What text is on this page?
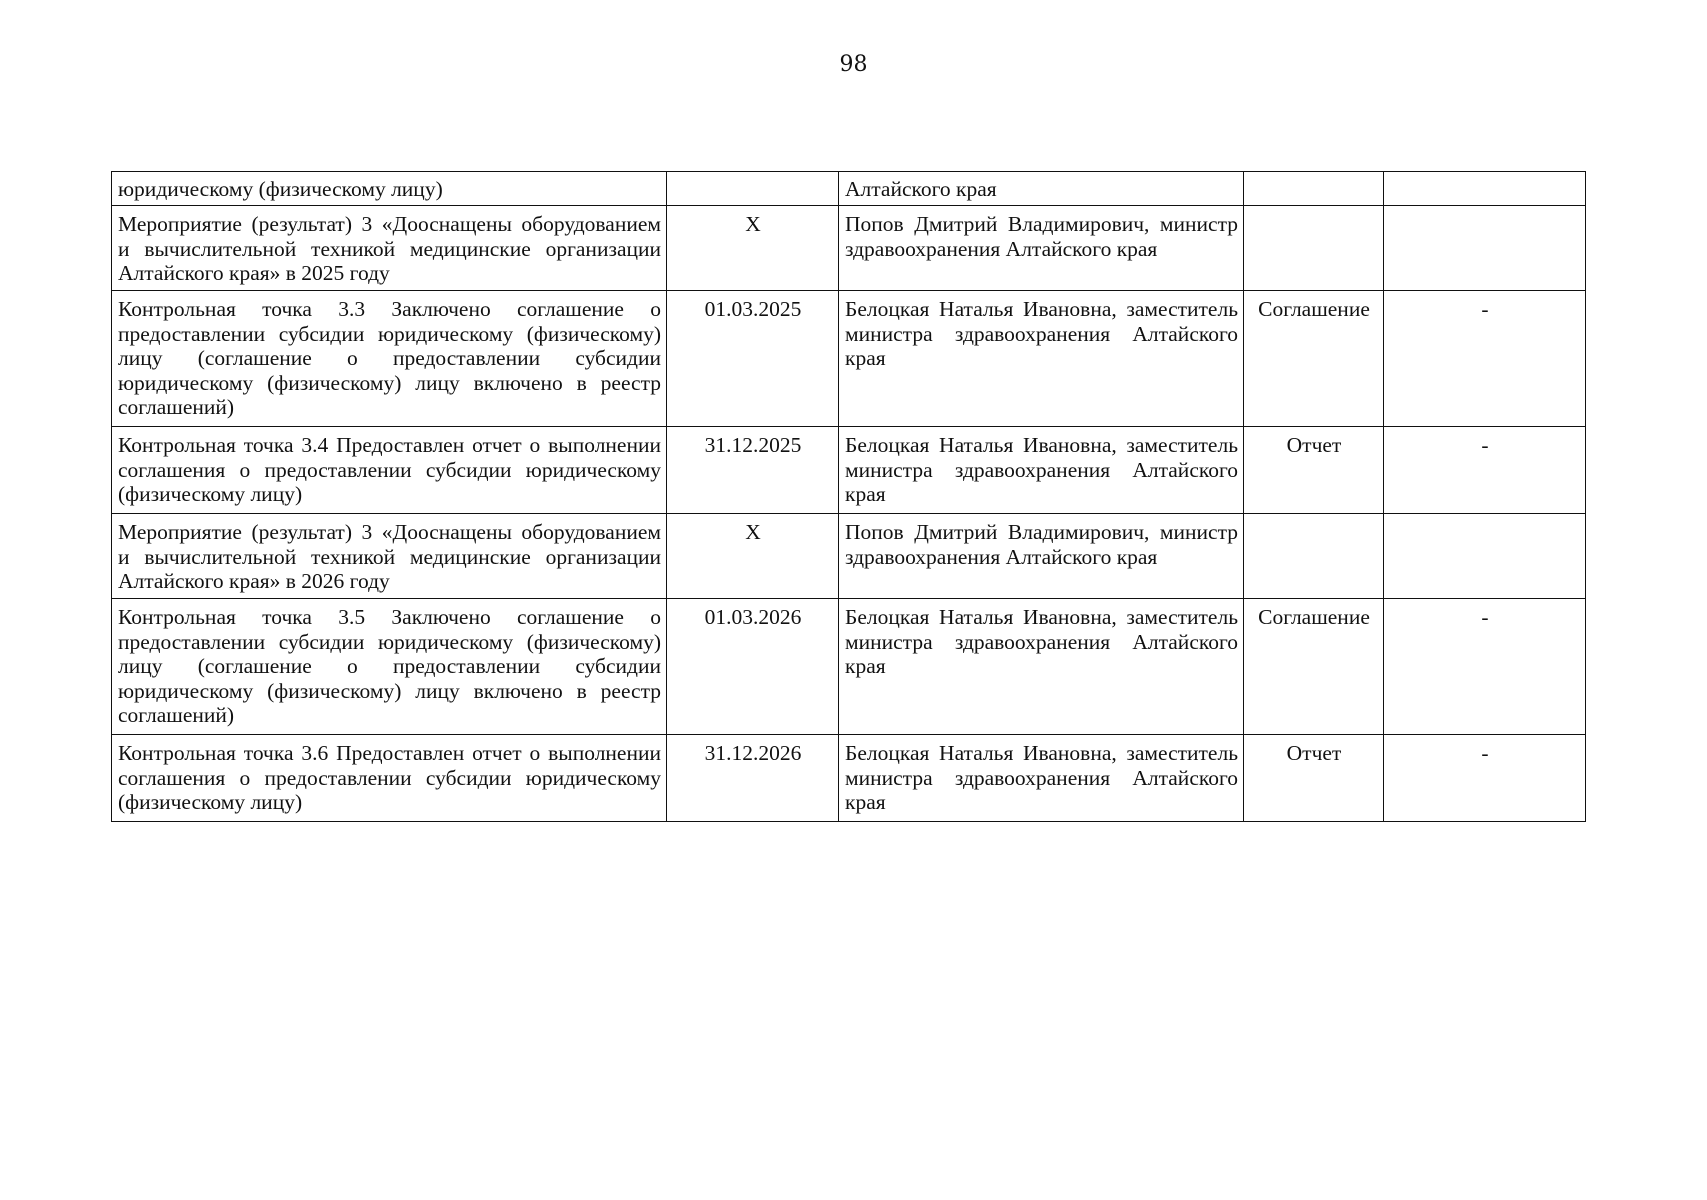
98
юридическому (физическому лицу)		Алтайского края		
Мероприятие (результат) 3 «Дооснащены оборудованием и вычислительной техникой медицинские организации Алтайского края» в 2025 году	X	Попов Дмитрий Владимирович, министр здравоохранения Алтайского края		
Контрольная точка 3.3 Заключено соглашение о предоставлении субсидии юридическому (физическому) лицу (соглашение о предоставлении субсидии юридическому (физическому) лицу включено в реестр соглашений)	01.03.2025	Белоцкая Наталья Ивановна, заместитель министра здравоохранения Алтайского края	Соглашение	-
Контрольная точка 3.4 Предоставлен отчет о выполнении соглашения о предоставлении субсидии юридическому (физическому лицу)	31.12.2025	Белоцкая Наталья Ивановна, заместитель министра здравоохранения Алтайского края	Отчет	-
Мероприятие (результат) 3 «Дооснащены оборудованием и вычислительной техникой медицинские организации Алтайского края» в 2026 году	X	Попов Дмитрий Владимирович, министр здравоохранения Алтайского края		
Контрольная точка 3.5 Заключено соглашение о предоставлении субсидии юридическому (физическому) лицу (соглашение о предоставлении субсидии юридическому (физическому) лицу включено в реестр соглашений)	01.03.2026	Белоцкая Наталья Ивановна, заместитель министра здравоохранения Алтайского края	Соглашение	-
Контрольная точка 3.6 Предоставлен отчет о выполнении соглашения о предоставлении субсидии юридическому (физическому лицу)	31.12.2026	Белоцкая Наталья Ивановна, заместитель министра здравоохранения Алтайского края	Отчет	-
